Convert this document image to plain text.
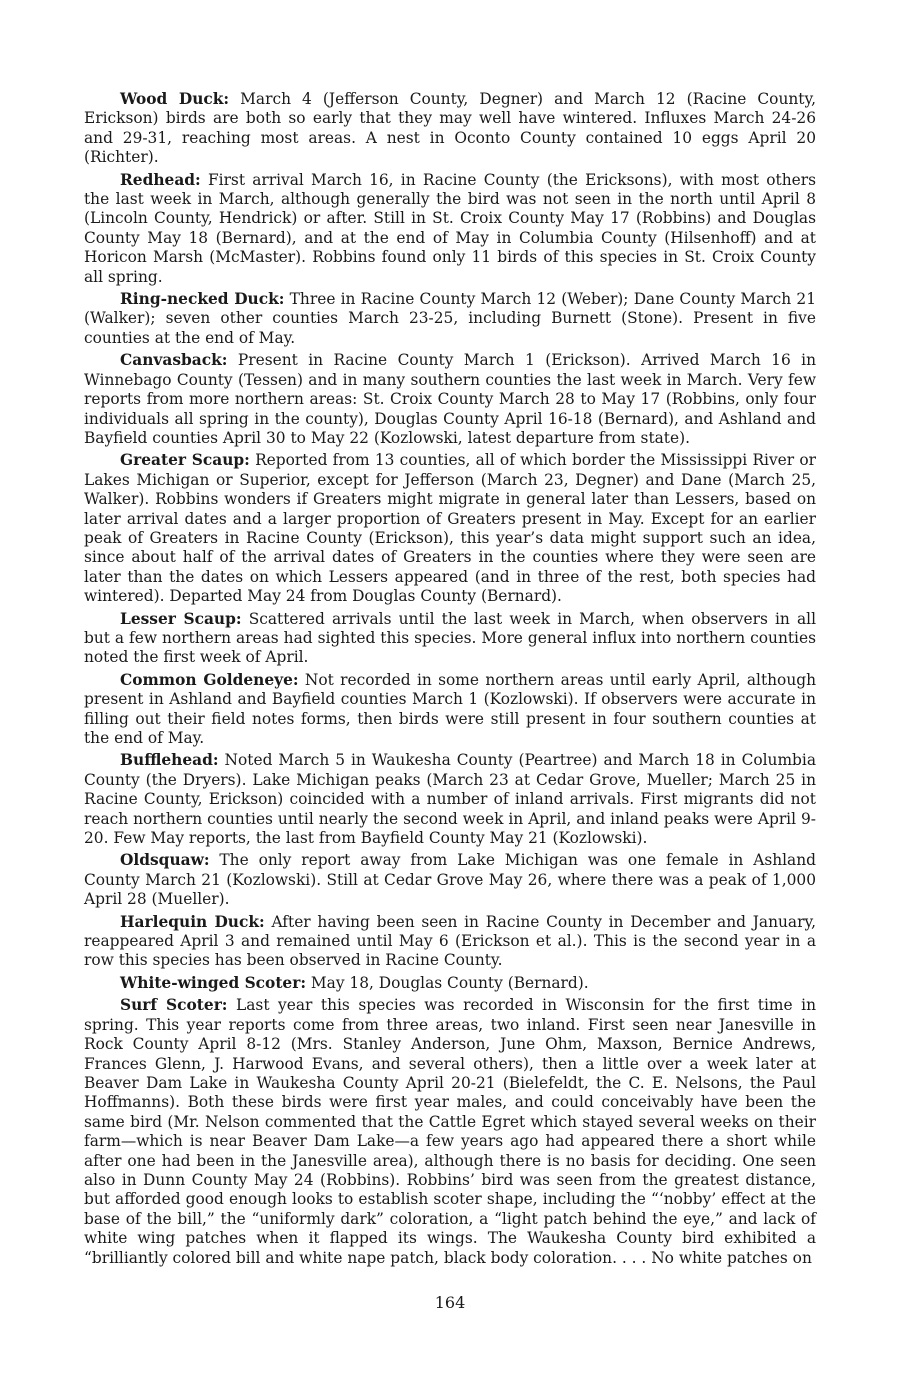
Wood Duck: March 4 (Jefferson County, Degner) and March 12 (Racine County, Erickson) birds are both so early that they may well have wintered. Influxes March 24-26 and 29-31, reaching most areas. A nest in Oconto County contained 10 eggs April 20 (Richter).

Redhead: First arrival March 16, in Racine County (the Ericksons), with most others the last week in March, although generally the bird was not seen in the north until April 8 (Lincoln County, Hendrick) or after. Still in St. Croix County May 17 (Robbins) and Douglas County May 18 (Bernard), and at the end of May in Columbia County (Hilsenhoff) and at Horicon Marsh (McMaster). Robbins found only 11 birds of this species in St. Croix County all spring.

Ring-necked Duck: Three in Racine County March 12 (Weber); Dane County March 21 (Walker); seven other counties March 23-25, including Burnett (Stone). Present in five counties at the end of May.

Canvasback: Present in Racine County March 1 (Erickson). Arrived March 16 in Winnebago County (Tessen) and in many southern counties the last week in March. Very few reports from more northern areas: St. Croix County March 28 to May 17 (Robbins, only four individuals all spring in the county), Douglas County April 16-18 (Bernard), and Ashland and Bayfield counties April 30 to May 22 (Kozlowski, latest departure from state).

Greater Scaup: Reported from 13 counties, all of which border the Mississippi River or Lakes Michigan or Superior, except for Jefferson (March 23, Degner) and Dane (March 25, Walker). Robbins wonders if Greaters might migrate in general later than Lessers, based on later arrival dates and a larger proportion of Greaters present in May. Except for an earlier peak of Greaters in Racine County (Erickson), this year’s data might support such an idea, since about half of the arrival dates of Greaters in the counties where they were seen are later than the dates on which Lessers appeared (and in three of the rest, both species had wintered). Departed May 24 from Douglas County (Bernard).

Lesser Scaup: Scattered arrivals until the last week in March, when observers in all but a few northern areas had sighted this species. More general influx into northern counties noted the first week of April.

Common Goldeneye: Not recorded in some northern areas until early April, although present in Ashland and Bayfield counties March 1 (Kozlowski). If observers were accurate in filling out their field notes forms, then birds were still present in four southern counties at the end of May.

Bufflehead: Noted March 5 in Waukesha County (Peartree) and March 18 in Columbia County (the Dryers). Lake Michigan peaks (March 23 at Cedar Grove, Mueller; March 25 in Racine County, Erickson) coincided with a number of inland arrivals. First migrants did not reach northern counties until nearly the second week in April, and inland peaks were April 9-20. Few May reports, the last from Bayfield County May 21 (Kozlowski).

Oldsquaw: The only report away from Lake Michigan was one female in Ashland County March 21 (Kozlowski). Still at Cedar Grove May 26, where there was a peak of 1,000 April 28 (Mueller).

Harlequin Duck: After having been seen in Racine County in December and January, reappeared April 3 and remained until May 6 (Erickson et al.). This is the second year in a row this species has been observed in Racine County.

White-winged Scoter: May 18, Douglas County (Bernard).

Surf Scoter: Last year this species was recorded in Wisconsin for the first time in spring. This year reports come from three areas, two inland. First seen near Janesville in Rock County April 8-12 (Mrs. Stanley Anderson, June Ohm, Maxson, Bernice Andrews, Frances Glenn, J. Harwood Evans, and several others), then a little over a week later at Beaver Dam Lake in Waukesha County April 20-21 (Bielefeldt, the C. E. Nelsons, the Paul Hoffmanns). Both these birds were first year males, and could conceivably have been the same bird (Mr. Nelson commented that the Cattle Egret which stayed several weeks on their farm—which is near Beaver Dam Lake—a few years ago had appeared there a short while after one had been in the Janesville area), although there is no basis for deciding. One seen also in Dunn County May 24 (Robbins). Robbins’ bird was seen from the greatest distance, but afforded good enough looks to establish scoter shape, including the “‘nobby’ effect at the base of the bill,” the “uniformly dark” coloration, a “light patch behind the eye,” and lack of white wing patches when it flapped its wings. The Waukesha County bird exhibited a “brilliantly colored bill and white nape patch, black body coloration. . . . No white patches on

164
